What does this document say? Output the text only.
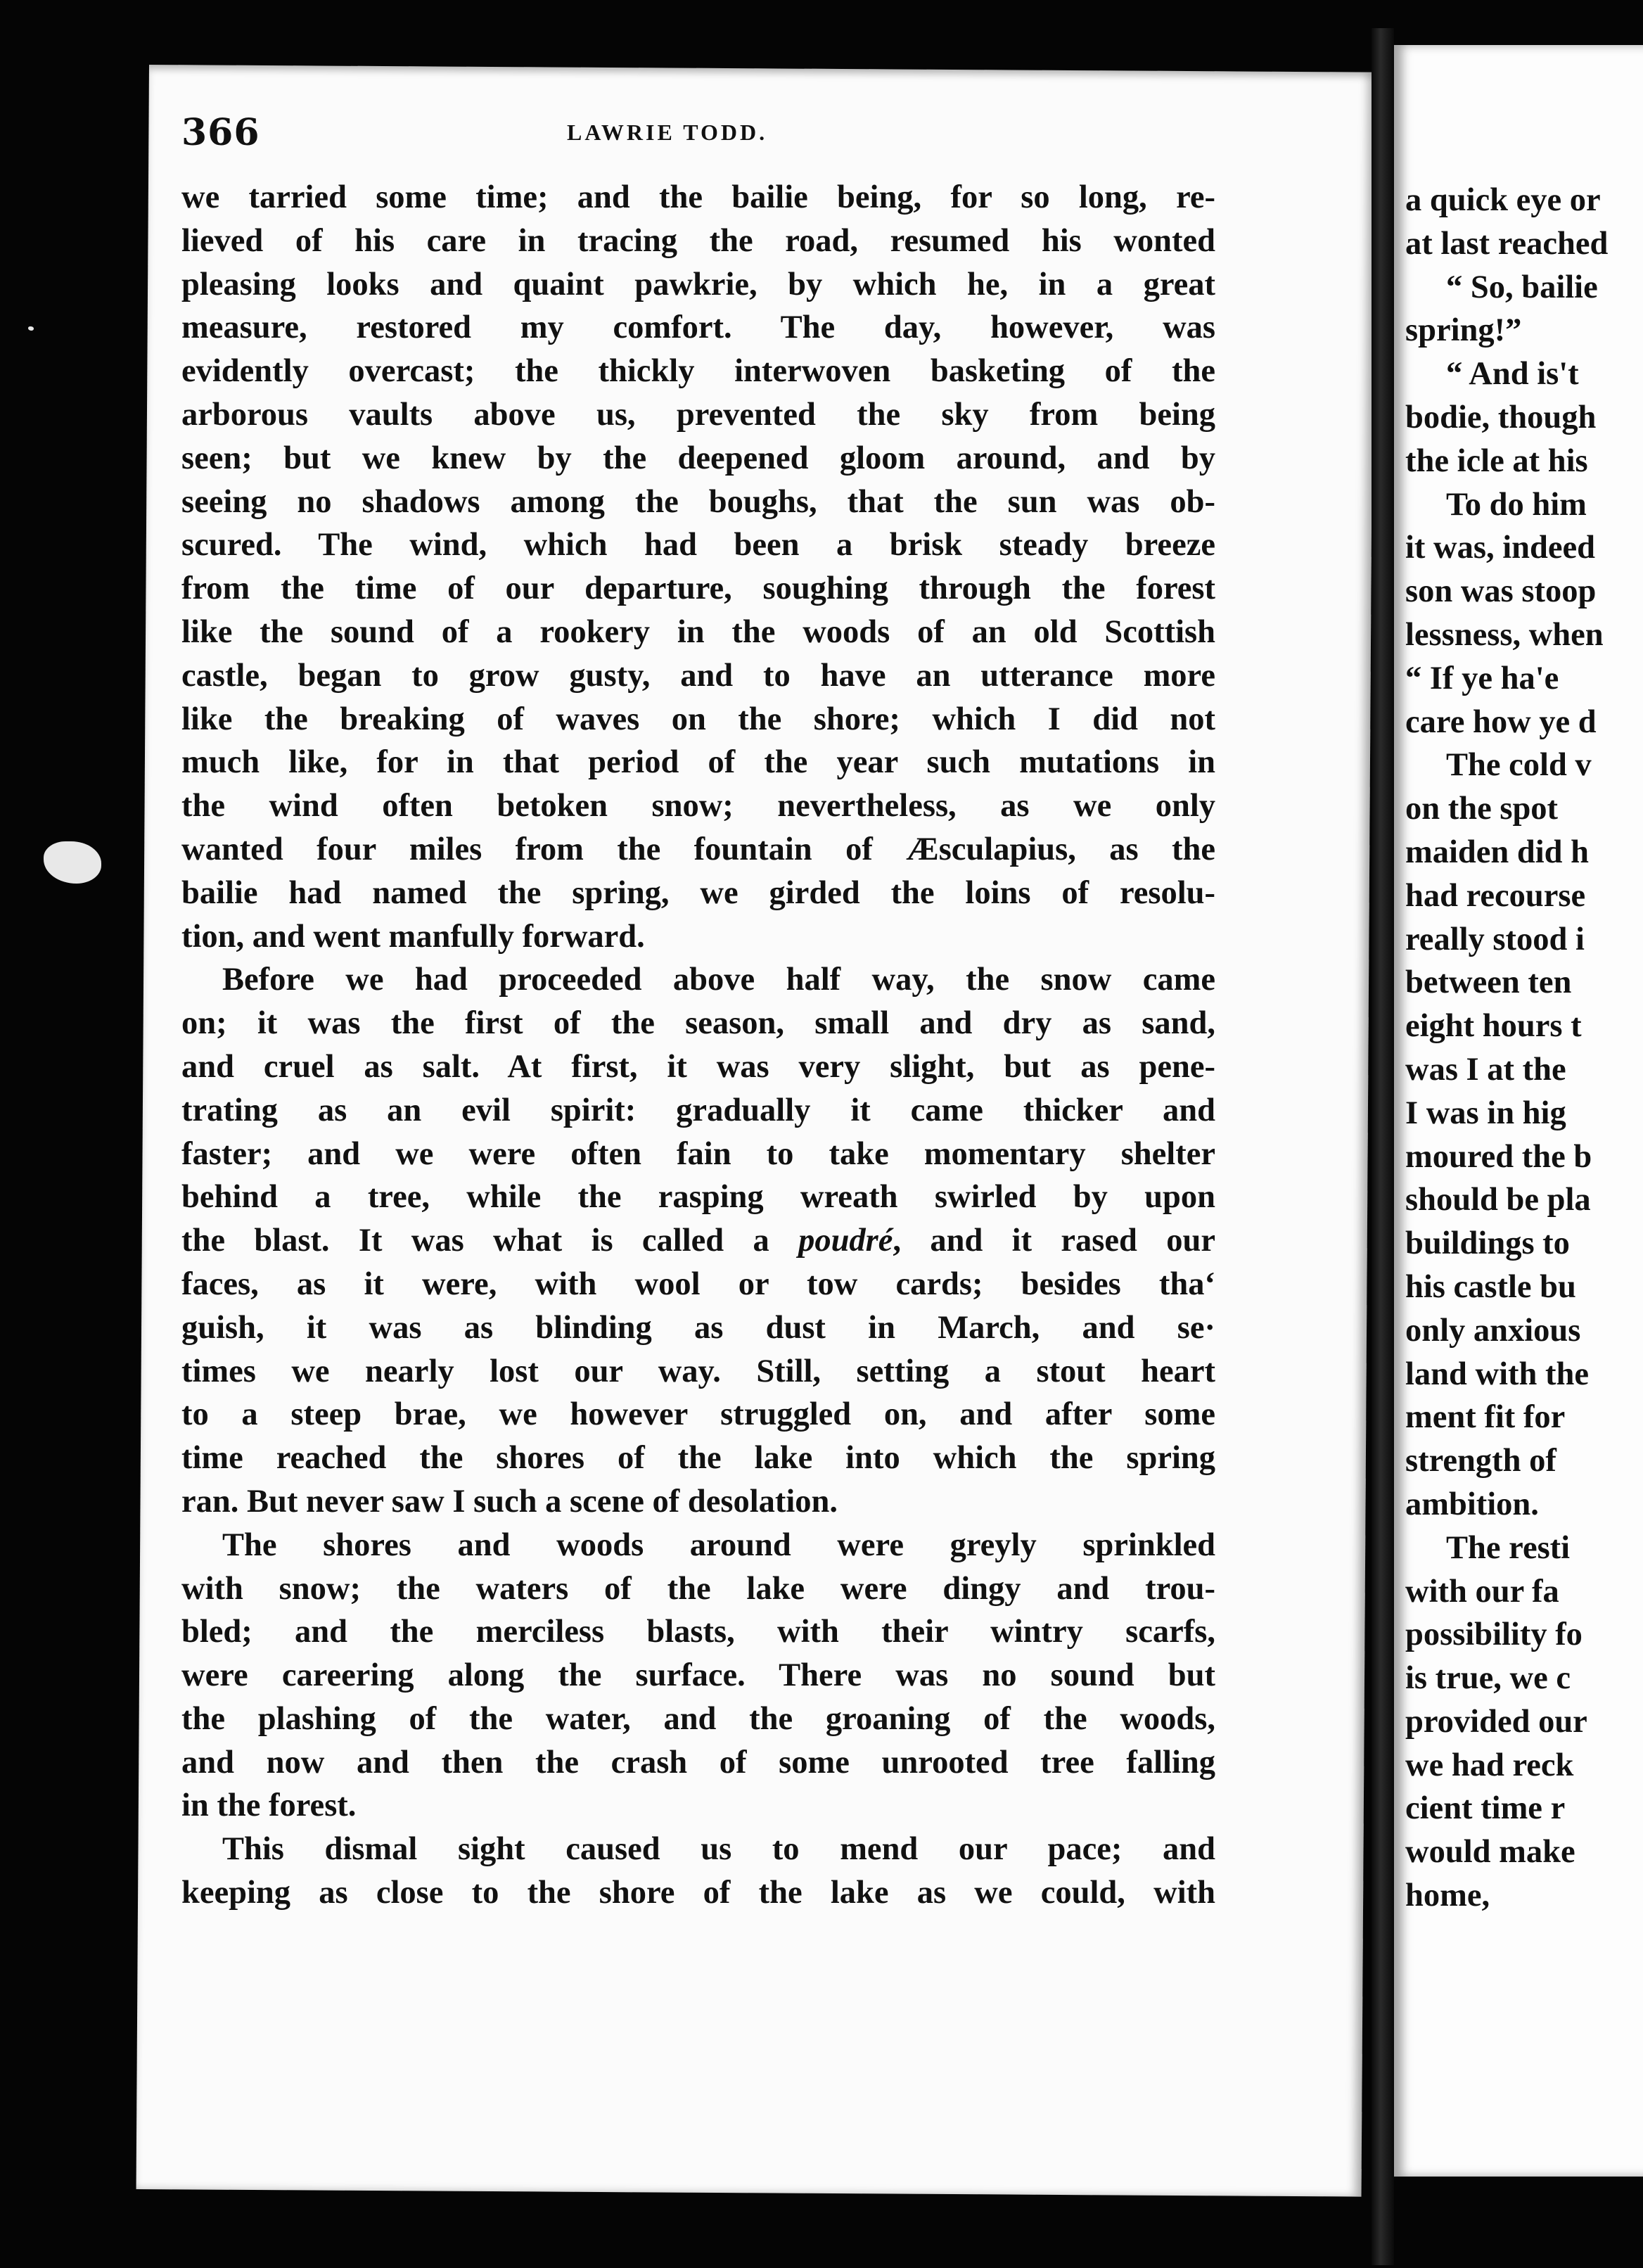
a quick eye or
at last reached
“ So, bailie
spring!”
“ And is't
bodie, though
the icle at his
To do him
it was, indeed
son was stoop
lessness, when
“ If ye ha'e
care how ye d
The cold v
on the spot
maiden did h
had recourse
really stood i
between ten
eight hours t
was I at the
I was in hig
moured the b
should be pla
buildings to
his castle bu
only anxious
land with the
ment fit for
strength of
ambition.
The resti
with our fa
possibility fo
is true, we c
provided our
we had reck
cient time r
would make
home,
366	LAWRIE TODD.
we tarried some time; and the bailie being, for so long, re-
lieved of his care in tracing the road, resumed his wonted
pleasing looks and quaint pawkrie, by which he, in a great
measure, restored my comfort. The day, however, was
evidently overcast; the thickly interwoven basketing of the
arborous vaults above us, prevented the sky from being
seen; but we knew by the deepened gloom around, and by
seeing no shadows among the boughs, that the sun was ob-
scured. The wind, which had been a brisk steady breeze
from the time of our departure, soughing through the forest
like the sound of a rookery in the woods of an old Scottish
castle, began to grow gusty, and to have an utterance more
like the breaking of waves on the shore; which I did not
much like, for in that period of the year such mutations in
the wind often betoken snow; nevertheless, as we only
wanted four miles from the fountain of Æsculapius, as the
bailie had named the spring, we girded the loins of resolu-
tion, and went manfully forward.
Before we had proceeded above half way, the snow came
on; it was the first of the season, small and dry as sand,
and cruel as salt. At first, it was very slight, but as pene-
trating as an evil spirit: gradually it came thicker and
faster; and we were often fain to take momentary shelter
behind a tree, while the rasping wreath swirled by upon
the blast. It was what is called a poudré, and it rased our
faces, as it were, with wool or tow cards; besides tha‘
guish, it was as blinding as dust in March, and se·
times we nearly lost our way. Still, setting a stout heart
to a steep brae, we however struggled on, and after some
time reached the shores of the lake into which the spring
ran. But never saw I such a scene of desolation.
The shores and woods around were greyly sprinkled
with snow; the waters of the lake were dingy and trou-
bled; and the merciless blasts, with their wintry scarfs,
were careering along the surface. There was no sound but
the plashing of the water, and the groaning of the woods,
and now and then the crash of some unrooted tree falling
in the forest.
This dismal sight caused us to mend our pace; and
keeping as close to the shore of the lake as we could, with
